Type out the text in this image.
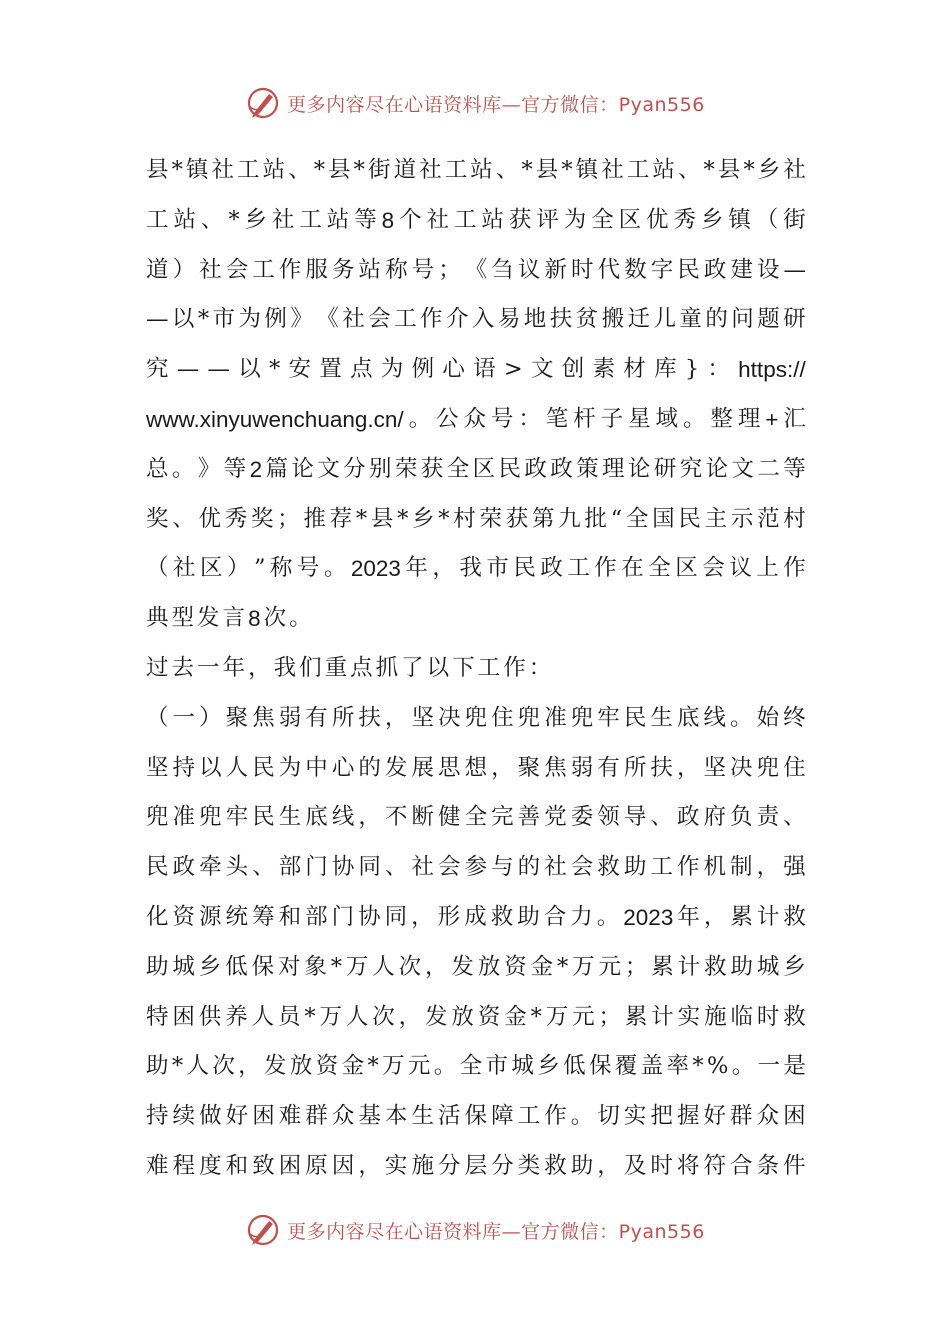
更多内容尽在心语资料库—官方微信：Pyan556
县 * 镇 社 工 站 、 * 县 * 街 道 社 工 站 、 * 县 * 镇 社 工 站 、 * 县 * 乡 社
工 站 、 * 乡 社 工 站 等 8 个 社 工 站 获 评 为 全 区 优 秀 乡 镇 （ 街
道 ） 社 会 工 作 服 务 站 称 号 ； 《 刍 议 新 时 代 数 字 民 政 建 设 —
— 以 * 市 为 例 》 《 社 会 工 作 介 入 易 地 扶 贫 搬 迁 儿 童 的 问 题 研
究 — — 以 * 安 置 点 为 例 心 语 > 文 创 素 材 库 } ： https://
www.xinyuwenchuang.cn/ 。 公 众 号 ： 笔 杆 子 星 域 。 整 理 + 汇
总 。 》 等 2 篇 论 文 分 别 荣 获 全 区 民 政 政 策 理 论 研 究 论 文 二 等
奖 、 优 秀 奖 ； 推 荐 * 县 * 乡 * 村 荣 获 第 九 批 “ 全 国 民 主 示 范 村
（ 社 区 ） ” 称 号 。 2023 年 ， 我 市 民 政 工 作 在 全 区 会 议 上 作
典 型 发 言 8 次 。
过 去 一 年 ， 我 们 重 点 抓 了 以 下 工 作 ：
（ 一 ） 聚 焦 弱 有 所 扶 ， 坚 决 兜 住 兜 准 兜 牢 民 生 底 线 。 始 终
坚 持 以 人 民 为 中 心 的 发 展 思 想 ， 聚 焦 弱 有 所 扶 ， 坚 决 兜 住
兜 准 兜 牢 民 生 底 线 ， 不 断 健 全 完 善 党 委 领 导 、 政 府 负 责 、
民 政 牵 头 、 部 门 协 同 、 社 会 参 与 的 社 会 救 助 工 作 机 制 ， 强
化 资 源 统 筹 和 部 门 协 同 ， 形 成 救 助 合 力 。 2023 年 ， 累 计 救
助 城 乡 低 保 对 象 * 万 人 次 ， 发 放 资 金 * 万 元 ； 累 计 救 助 城 乡
特 困 供 养 人 员 * 万 人 次 ， 发 放 资 金 * 万 元 ； 累 计 实 施 临 时 救
助 * 人 次 ， 发 放 资 金 * 万 元 。 全 市 城 乡 低 保 覆 盖 率 * % 。 一 是
持 续 做 好 困 难 群 众 基 本 生 活 保 障 工 作 。 切 实 把 握 好 群 众 困
难 程 度 和 致 困 原 因 ， 实 施 分 层 分 类 救 助 ， 及 时 将 符 合 条 件
更多内容尽在心语资料库—官方微信：Pyan556
